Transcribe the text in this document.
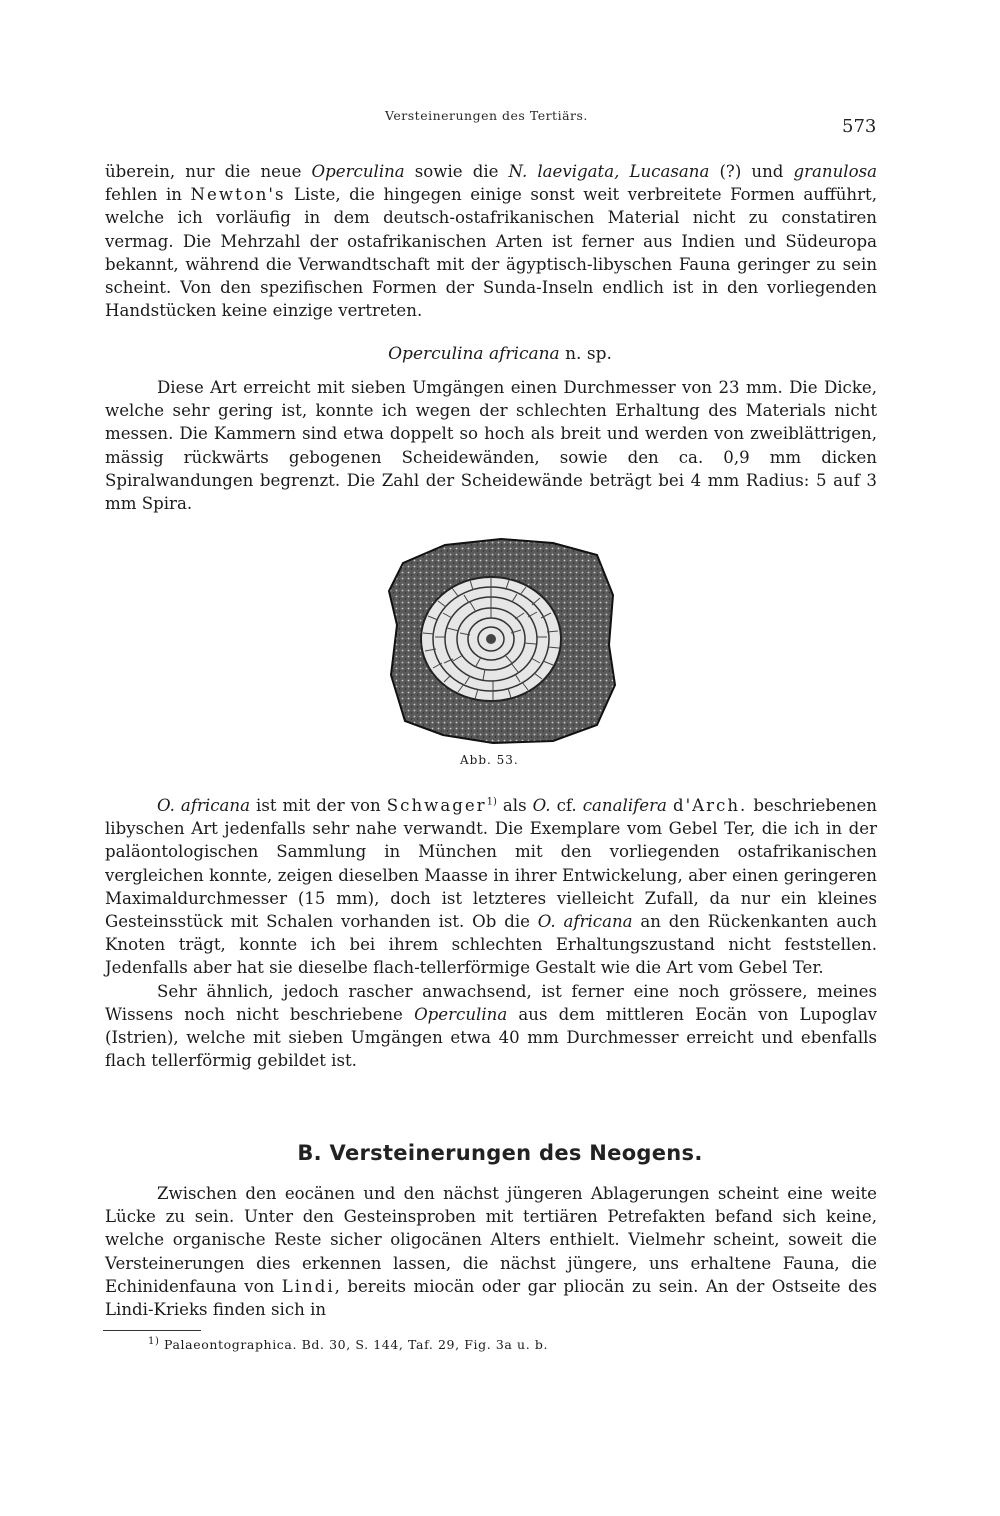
Versteinerungen des Tertiärs.
573

überein, nur die neue Operculina sowie die N. laevigata, Lucasana (?) und granulosa fehlen in Newton's Liste, die hingegen einige sonst weit verbreitete Formen aufführt, welche ich vorläufig in dem deutsch-ostafrikanischen Material nicht zu constatiren vermag. Die Mehrzahl der ostafrikanischen Arten ist ferner aus Indien und Südeuropa bekannt, während die Verwandtschaft mit der ägyptisch-libyschen Fauna geringer zu sein scheint. Von den spezifischen Formen der Sunda-Inseln endlich ist in den vorliegenden Handstücken keine einzige vertreten.

Operculina africana n. sp.

Diese Art erreicht mit sieben Umgängen einen Durchmesser von 23 mm. Die Dicke, welche sehr gering ist, konnte ich wegen der schlechten Erhaltung des Materials nicht messen. Die Kammern sind etwa doppelt so hoch als breit und werden von zweiblättrigen, mässig rückwärts gebogenen Scheidewänden, sowie den ca. 0,9 mm dicken Spiralwandungen begrenzt. Die Zahl der Scheidewände beträgt bei 4 mm Radius: 5 auf 3 mm Spira.

Abb. 53.

O. africana ist mit der von Schwager$^{1)}$ als O. cf. canalifera d'Arch. beschriebenen libyschen Art jedenfalls sehr nahe verwandt. Die Exemplare vom Gebel Ter, die ich in der paläontologischen Sammlung in München mit den vorliegenden ostafrikanischen vergleichen konnte, zeigen dieselben Maasse in ihrer Entwickelung, aber einen geringeren Maximaldurchmesser (15 mm), doch ist letzteres vielleicht Zufall, da nur ein kleines Gesteinsstück mit Schalen vorhanden ist. Ob die O. africana an den Rückenkanten auch Knoten trägt, konnte ich bei ihrem schlechten Erhaltungszustand nicht feststellen. Jedenfalls aber hat sie dieselbe flach-tellerförmige Gestalt wie die Art vom Gebel Ter.

Sehr ähnlich, jedoch rascher anwachsend, ist ferner eine noch grössere, meines Wissens noch nicht beschriebene Operculina aus dem mittleren Eocän von Lupoglav (Istrien), welche mit sieben Umgängen etwa 40 mm Durchmesser erreicht und ebenfalls flach tellerförmig gebildet ist.

B. Versteinerungen des Neogens.

Zwischen den eocänen und den nächst jüngeren Ablagerungen scheint eine weite Lücke zu sein. Unter den Gesteinsproben mit tertiären Petrefakten befand sich keine, welche organische Reste sicher oligocänen Alters enthielt. Vielmehr scheint, soweit die Versteinerungen dies erkennen lassen, die nächst jüngere, uns erhaltene Fauna, die Echinidenfauna von Lindi, bereits miocän oder gar pliocän zu sein. An der Ostseite des Lindi-Krieks finden sich in

$^{1)}$ Palaeontographica. Bd. 30, S. 144, Taf. 29, Fig. 3a u. b.
